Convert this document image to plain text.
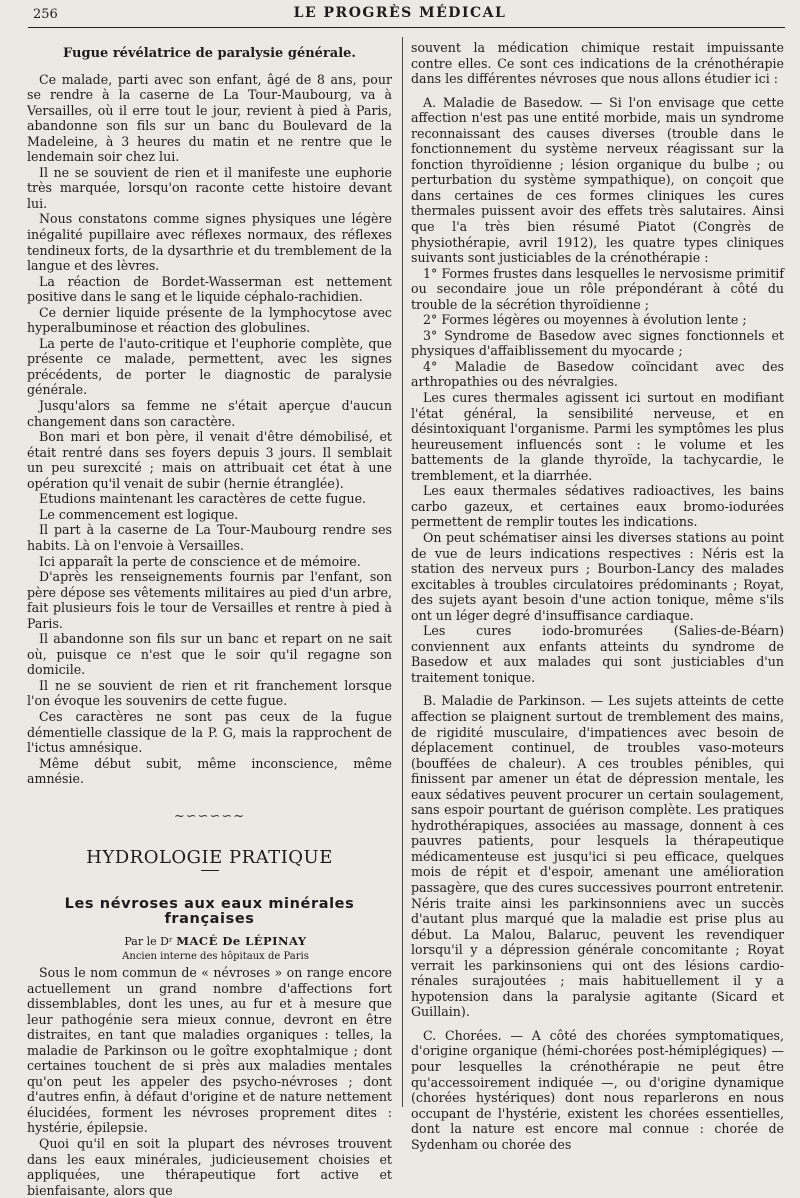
256	LE PROGRÈS MÉDICAL

Fugue révélatrice de paralysie générale.

Ce malade, parti avec son enfant, âgé de 8 ans, pour se rendre à la caserne de La Tour-Maubourg, va à Versailles, où il erre tout le jour, revient à pied à Paris, abandonne son fils sur un banc du Boulevard de la Madeleine, à 3 heures du matin et ne rentre que le lendemain soir chez lui.

Il ne se souvient de rien et il manifeste une euphorie très marquée, lorsqu'on raconte cette histoire devant lui.

Nous constatons comme signes physiques une légère inégalité pupillaire avec réflexes normaux, des réflexes tendineux forts, de la dysarthrie et du tremblement de la langue et des lèvres.

La réaction de Bordet-Wasserman est nettement positive dans le sang et le liquide céphalo-rachidien.

Ce dernier liquide présente de la lymphocytose avec hyperalbuminose et réaction des globulines.

La perte de l'auto-critique et l'euphorie complète, que présente ce malade, permettent, avec les signes précédents, de porter le diagnostic de paralysie générale.

Jusqu'alors sa femme ne s'était aperçue d'aucun changement dans son caractère.

Bon mari et bon père, il venait d'être démobilisé, et était rentré dans ses foyers depuis 3 jours. Il semblait un peu surexcité ; mais on attribuait cet état à une opération qu'il venait de subir (hernie étranglée).

Etudions maintenant les caractères de cette fugue.

Le commencement est logique.

Il part à la caserne de La Tour-Maubourg rendre ses habits. Là on l'envoie à Versailles.

Ici apparaît la perte de conscience et de mémoire.

D'après les renseignements fournis par l'enfant, son père dépose ses vêtements militaires au pied d'un arbre, fait plusieurs fois le tour de Versailles et rentre à pied à Paris.

Il abandonne son fils sur un banc et repart on ne sait où, puisque ce n'est que le soir qu'il regagne son domicile.

Il ne se souvient de rien et rit franchement lorsque l'on évoque les souvenirs de cette fugue.

Ces caractères ne sont pas ceux de la fugue démentielle classique de la P. G, mais la rapprochent de l'ictus amnésique.

Même début subit, même inconscience, même amnésie.

~∽∽∽∽~
HYDROLOGIE PRATIQUE
Les névroses aux eaux minérales françaises

Par le Dʳ MACÉ De LÉPINAY

Ancien interne des hôpitaux de Paris

Sous le nom commun de « névroses » on range encore actuellement un grand nombre d'affections fort dissemblables, dont les unes, au fur et à mesure que leur pathogénie sera mieux connue, devront en être distraites, en tant que maladies organiques : telles, la maladie de Parkinson ou le goître exophtalmique ; dont certaines touchent de si près aux maladies mentales qu'on peut les appeler des psycho-névroses ; dont d'autres enfin, à défaut d'origine et de nature nettement élucidées, forment les névroses proprement dites : hystérie, épilepsie.

Quoi qu'il en soit la plupart des névroses trouvent dans les eaux minérales, judicieusement choisies et appliquées, une thérapeutique fort active et bienfaisante, alors que

souvent la médication chimique restait impuissante contre elles. Ce sont ces indications de la crénothérapie dans les différentes névroses que nous allons étudier ici :

A. Maladie de Basedow. — Si l'on envisage que cette affection n'est pas une entité morbide, mais un syndrome reconnaissant des causes diverses (trouble dans le fonctionnement du système nerveux réagissant sur la fonction thyroïdienne ; lésion organique du bulbe ; ou perturbation du système sympathique), on conçoit que dans certaines de ces formes cliniques les cures thermales puissent avoir des effets très salutaires. Ainsi que l'a très bien résumé Piatot (Congrès de physiothérapie, avril 1912), les quatre types cliniques suivants sont justiciables de la crénothérapie :

1° Formes frustes dans lesquelles le nervosisme primitif ou secondaire joue un rôle prépondérant à côté du trouble de la sécrétion thyroïdienne ;

2° Formes légères ou moyennes à évolution lente ;

3° Syndrome de Basedow avec signes fonctionnels et physiques d'affaiblissement du myocarde ;

4° Maladie de Basedow coïncidant avec des arthropathies ou des névralgies.

Les cures thermales agissent ici surtout en modifiant l'état général, la sensibilité nerveuse, et en désintoxiquant l'organisme. Parmi les symptômes les plus heureusement influencés sont : le volume et les battements de la glande thyroïde, la tachycardie, le tremblement, et la diarrhée.

Les eaux thermales sédatives radioactives, les bains carbo gazeux, et certaines eaux bromo-iodurées permettent de remplir toutes les indications.

On peut schématiser ainsi les diverses stations au point de vue de leurs indications respectives : Néris est la station des nerveux purs ; Bourbon-Lancy des malades excitables à troubles circulatoires prédominants ; Royat, des sujets ayant besoin d'une action tonique, même s'ils ont un léger degré d'insuffisance cardiaque.

Les cures iodo-bromurées (Salies-de-Béarn) conviennent aux enfants atteints du syndrome de Basedow et aux malades qui sont justiciables d'un traitement tonique.

B. Maladie de Parkinson. — Les sujets atteints de cette affection se plaignent surtout de tremblement des mains, de rigidité musculaire, d'impatiences avec besoin de déplacement continuel, de troubles vaso-moteurs (bouffées de chaleur). A ces troubles pénibles, qui finissent par amener un état de dépression mentale, les eaux sédatives peuvent procurer un certain soulagement, sans espoir pourtant de guérison complète. Les pratiques hydrothérapiques, associées au massage, donnent à ces pauvres patients, pour lesquels la thérapeutique médicamenteuse est jusqu'ici si peu efficace, quelques mois de répit et d'espoir, amenant une amélioration passagère, que des cures successives pourront entretenir. Néris traite ainsi les parkinsonniens avec un succès d'autant plus marqué que la maladie est prise plus au début. La Malou, Balaruc, peuvent les revendiquer lorsqu'il y a dépression générale concomitante ; Royat verrait les parkinsoniens qui ont des lésions cardio-rénales surajoutées ; mais habituellement il y a hypotension dans la paralysie agitante (Sicard et Guillain).

C. Chorées. — A côté des chorées symptomatiques, d'origine organique (hémi-chorées post-hémiplégiques) — pour lesquelles la crénothérapie ne peut être qu'accessoirement indiquée —, ou d'origine dynamique (chorées hystériques) dont nous reparlerons en nous occupant de l'hystérie, existent les chorées essentielles, dont la nature est encore mal connue : chorée de Sydenham ou chorée des
